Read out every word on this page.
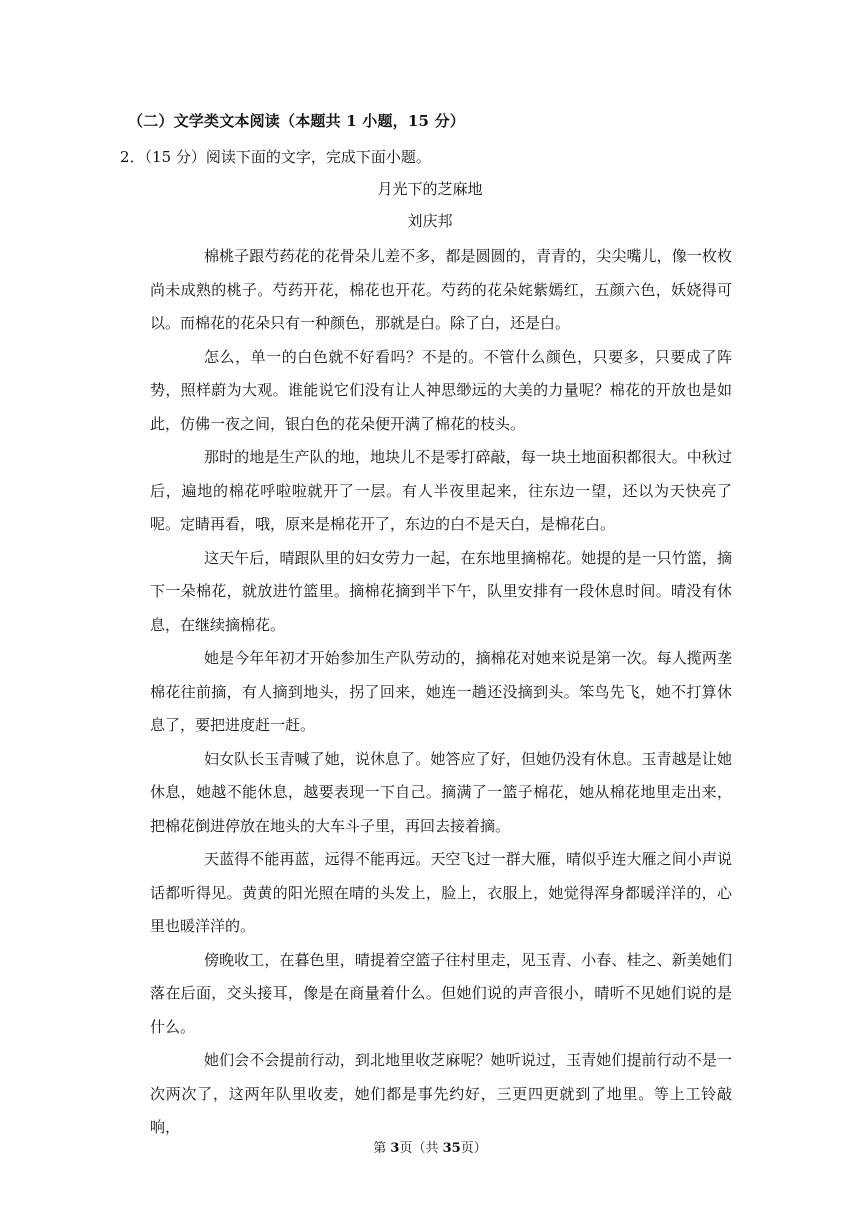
（二）文学类文本阅读（本题共 1 小题，15 分）
2．（15 分）阅读下面的文字，完成下面小题。
月光下的芝麻地
刘庆邦

棉桃子跟芍药花的花骨朵儿差不多，都是圆圆的，青青的，尖尖嘴儿，像一枚枚尚未成熟的桃子。芍药开花，棉花也开花。芍药的花朵姹紫嫣红，五颜六色，妖娆得可以。而棉花的花朵只有一种颜色，那就是白。除了白，还是白。

怎么，单一的白色就不好看吗？不是的。不管什么颜色，只要多，只要成了阵势，照样蔚为大观。谁能说它们没有让人神思缈远的大美的力量呢？棉花的开放也是如此，仿佛一夜之间，银白色的花朵便开满了棉花的枝头。

那时的地是生产队的地，地块儿不是零打碎敲，每一块土地面积都很大。中秋过后，遍地的棉花呼啦啦就开了一层。有人半夜里起来，往东边一望，还以为天快亮了呢。定睛再看，哦，原来是棉花开了，东边的白不是天白，是棉花白。

这天午后，晴跟队里的妇女劳力一起，在东地里摘棉花。她提的是一只竹篮，摘下一朵棉花，就放进竹篮里。摘棉花摘到半下午，队里安排有一段休息时间。晴没有休息，在继续摘棉花。

她是今年年初才开始参加生产队劳动的，摘棉花对她来说是第一次。每人揽两垄棉花往前摘，有人摘到地头，拐了回来，她连一趟还没摘到头。笨鸟先飞，她不打算休息了，要把进度赶一赶。

妇女队长玉青喊了她，说休息了。她答应了好，但她仍没有休息。玉青越是让她休息，她越不能休息，越要表现一下自己。摘满了一篮子棉花，她从棉花地里走出来，把棉花倒进停放在地头的大车斗子里，再回去接着摘。

天蓝得不能再蓝，远得不能再远。天空飞过一群大雁，晴似乎连大雁之间小声说话都听得见。黄黄的阳光照在晴的头发上，脸上，衣服上，她觉得浑身都暖洋洋的，心里也暖洋洋的。

傍晚收工，在暮色里，晴提着空篮子往村里走，见玉青、小春、桂之、新美她们落在后面，交头接耳，像是在商量着什么。但她们说的声音很小，晴听不见她们说的是什么。

她们会不会提前行动，到北地里收芝麻呢？她听说过，玉青她们提前行动不是一次两次了，这两年队里收麦，她们都是事先约好，三更四更就到了地里。等上工铃敲响，

第 3页（共 35页）
